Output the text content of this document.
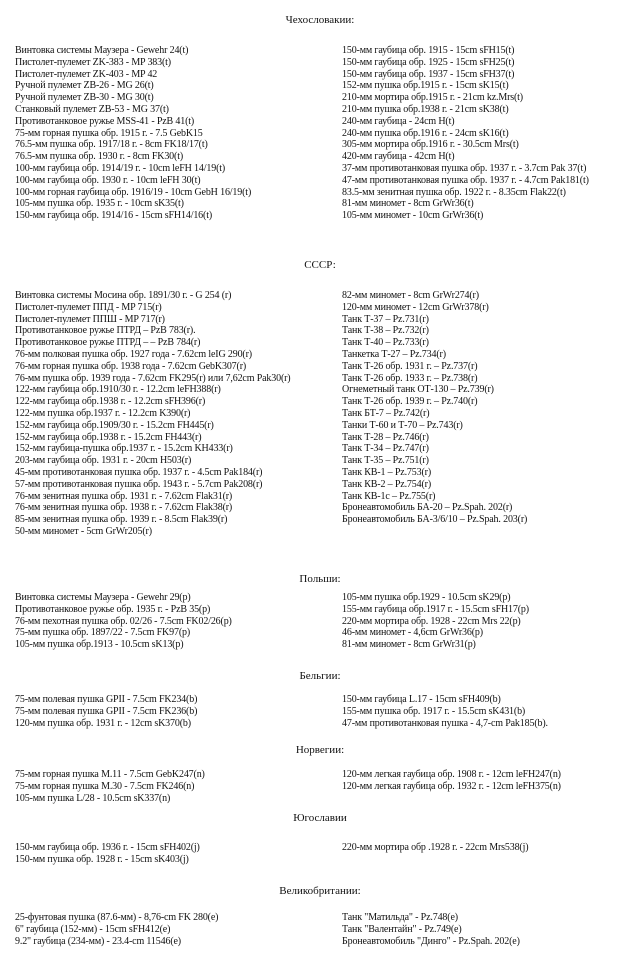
Чехословакии:
СССР:
Польши:
Бельгии:
Норвегии:
Югославии
Великобритании:
Винтовка системы Маузера - Gewehr 24(t)
Пистолет-пулемет ZK-383 - MP 383(t)
Пистолет-пулемет ZK-403 - MP 42
Ручной пулемет ZB-26 - MG 26(t)
Ручной пулемет ZB-30 - MG 30(t)
Станковый пулемет ZB-53 - MG 37(t)
Противотанковое ружье MSS-41 - PzB 41(t)
75-мм горная пушка обр. 1915 г. - 7.5 GebK15
76.5-мм пушка обр. 1917/18 г. - 8cm FK18/17(t)
76.5-мм пушка обр. 1930 г. - 8cm FK30(t)
100-мм гаубица обр. 1914/19 г. - 10cm leFH 14/19(t)
100-мм гаубица обр. 1930 г. - 10cm leFH 30(t)
100-мм горная гаубица обр. 1916/19 - 10cm GebH 16/19(t)
105-мм пушка обр. 1935 г. - 10cm sK35(t)
150-мм гаубица обр. 1914/16 - 15cm sFH14/16(t)
150-мм гаубица обр. 1915 - 15cm sFH15(t)
150-мм гаубица обр. 1925 - 15cm sFH25(t)
150-мм гаубица обр. 1937 - 15cm sFH37(t)
152-мм пушка обр.1915 г. - 15cm sK15(t)
210-мм мортира обр.1915 г. - 21cm kz.Mrs(t)
210-мм пушка обр.1938 г. - 21cm sK38(t)
240-мм гаубица - 24cm H(t)
240-мм пушка обр.1916 г. - 24cm sK16(t)
305-мм мортира обр.1916 г. - 30.5cm Mrs(t)
420-мм гаубица - 42cm H(t)
37-мм противотанковая пушка обр. 1937 г. - 3.7cm Pak 37(t)
47-мм противотанковая пушка обр. 1937 г. - 4.7cm Pak181(t)
83.5-мм зенитная пушка обр. 1922 г. - 8.35cm Flak22(t)
81-мм миномет - 8cm GrWr36(t)
105-мм миномет - 10cm GrWr36(t)
Винтовка системы Мосина обр. 1891/30 г. - G 254 (r)
Пистолет-пулемет ППД - MP 715(r)
Пистолет-пулемет ППШ - MP 717(r)
Противотанковое ружье ПТРД – PzB 783(r).
Противотанковое ружье ПТРД – – PzB 784(r)
76-мм полковая пушка обр. 1927 года - 7.62cm leIG 290(r)
76-мм горная пушка обр. 1938 года - 7.62cm GebK307(r)
76-мм пушка обр. 1939 года - 7.62cm FK295(r) или 7,62cm Pak30(r)
122-мм гаубица обр.1910/30 г. - 12.2cm leFH388(r)
122-мм гаубица обр.1938 г. - 12.2cm sFH396(r)
122-мм пушка обр.1937 г. - 12.2cm K390(r)
152-мм гаубица обр.1909/30 г. - 15.2cm FH445(r)
152-мм гаубица обр.1938 г. - 15.2cm FH443(r)
152-мм гаубица-пушка обр.1937 г. - 15.2cm KH433(r)
203-мм гаубица обр. 1931 г. - 20cm H503(r)
45-мм противотанковая пушка обр. 1937 г. - 4.5cm Pak184(r)
57-мм противотанковая пушка обр. 1943 г. - 5.7cm Pak208(r)
76-мм зенитная пушка обр. 1931 г. - 7.62cm Flak31(r)
76-мм зенитная пушка обр. 1938 г. - 7.62cm Flak38(r)
85-мм зенитная пушка обр. 1939 г. - 8.5cm Flak39(r)
50-мм миномет - 5cm GrWr205(r)
82-мм миномет - 8cm GrWr274(r)
120-мм миномет - 12cm GrWr378(r)
Танк Т-37 – Pz.731(r)
Танк Т-38 – Pz.732(r)
Танк Т-40 – Pz.733(r)
Танкетка Т-27 – Pz.734(r)
Танк Т-26 обр. 1931 г. – Pz.737(r)
Танк Т-26 обр. 1933 г. – Pz.738(r)
Огнеметный танк ОТ-130 – Pz.739(r)
Танк Т-26 обр. 1939 г. – Pz.740(r)
Танк БТ-7 – Pz.742(r)
Танки Т-60 и Т-70 – Pz.743(r)
Танк Т-28 – Pz.746(r)
Танк Т-34 – Pz.747(r)
Танк Т-35 – Pz.751(r)
Танк КВ-1 – Pz.753(r)
Танк КВ-2 – Pz.754(r)
Танк КВ-1с – Pz.755(r)
Бронеавтомобиль БА-20 – Pz.Spah. 202(r)
Бронеавтомобиль БА-3/6/10 – Pz.Spah. 203(r)
Винтовка системы Маузера - Gewehr 29(p)
Противотанковое ружье обр. 1935 г. - PzB 35(p)
76-мм пехотная пушка обр. 02/26 - 7.5cm FK02/26(p)
75-мм пушка обр. 1897/22 - 7.5cm FK97(p)
105-мм пушка обр.1913 - 10.5cm sK13(p)
105-мм пушка обр.1929 - 10.5cm sK29(p)
155-мм гаубица обр.1917 г. - 15.5cm sFH17(p)
220-мм мортира обр. 1928 - 22cm Mrs 22(p)
46-мм миномет - 4,6cm GrWr36(p)
81-мм миномет - 8cm GrWr31(p)
75-мм полевая пушка GPII - 7.5cm FK234(b)
75-мм полевая пушка GPII - 7.5cm FK236(b)
120-мм пушка обр. 1931 г. - 12cm sK370(b)
150-мм гаубица L.17 - 15cm sFH409(b)
155-мм пушка обр. 1917 г. - 15.5cm sK431(b)
47-мм противотанковая пушка - 4,7-cm Pak185(b).
75-мм горная пушка M.11 - 7.5cm GebK247(n)
75-мм горная пушка M.30 - 7.5cm FK246(n)
105-мм пушка L/28 - 10.5cm sK337(n)
120-мм легкая гаубица обр. 1908 г. - 12cm leFH247(n)
120-мм легкая гаубица обр. 1932 г. - 12cm leFH375(n)
150-мм гаубица обр. 1936 г. - 15cm sFH402(j)
150-мм пушка обр. 1928 г. - 15cm sK403(j)
220-мм мортира обр .1928 г. - 22cm Mrs538(j)
25-фунтовая пушка (87.6-мм) - 8,76-cm FK 280(e)
6" гаубица (152-мм) - 15cm sFH412(e)
9.2" гаубица (234-мм) - 23.4-cm 11546(e)
Танк "Матильда" - Pz.748(e)
Танк "Валентайн" - Pz.749(e)
Бронеавтомобиль "Динго" - Pz.Spah. 202(e)
